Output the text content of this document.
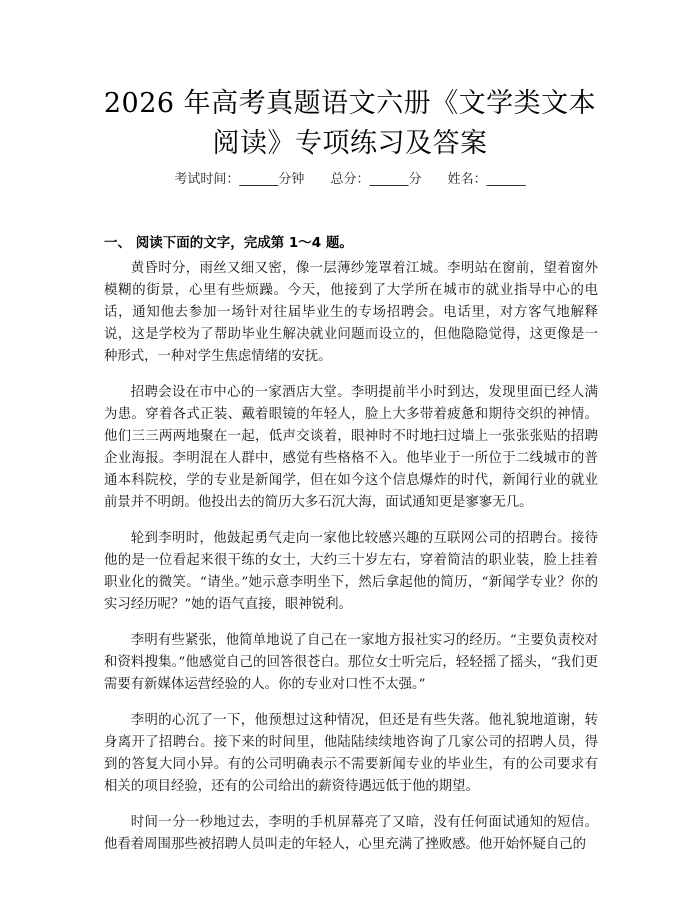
2026 年高考真题语文六册《文学类文本阅读》专项练习及答案
考试时间：______分钟 总分：______分 姓名：______
一、 阅读下面的文字，完成第 1～4 题。

黄昏时分，雨丝又细又密，像一层薄纱笼罩着江城。李明站在窗前，望着窗外模糊的街景，心里有些烦躁。今天，他接到了大学所在城市的就业指导中心的电话，通知他去参加一场针对往届毕业生的专场招聘会。电话里，对方客气地解释说，这是学校为了帮助毕业生解决就业问题而设立的，但他隐隐觉得，这更像是一种形式，一种对学生焦虑情绪的安抚。

招聘会设在市中心的一家酒店大堂。李明提前半小时到达，发现里面已经人满为患。穿着各式正装、戴着眼镜的年轻人，脸上大多带着疲惫和期待交织的神情。他们三三两两地聚在一起，低声交谈着，眼神时不时地扫过墙上一张张张贴的招聘企业海报。李明混在人群中，感觉有些格格不入。他毕业于一所位于二线城市的普通本科院校，学的专业是新闻学，但在如今这个信息爆炸的时代，新闻行业的就业前景并不明朗。他投出去的简历大多石沉大海，面试通知更是寥寥无几。

轮到李明时，他鼓起勇气走向一家他比较感兴趣的互联网公司的招聘台。接待他的是一位看起来很干练的女士，大约三十岁左右，穿着简洁的职业装，脸上挂着职业化的微笑。“请坐。”她示意李明坐下，然后拿起他的简历，“新闻学专业？你的实习经历呢？”她的语气直接，眼神锐利。

李明有些紧张，他简单地说了自己在一家地方报社实习的经历。“主要负责校对和资料搜集。”他感觉自己的回答很苍白。那位女士听完后，轻轻摇了摇头，“我们更需要有新媒体运营经验的人。你的专业对口性不太强。”

李明的心沉了一下，他预想过这种情况，但还是有些失落。他礼貌地道谢，转身离开了招聘台。接下来的时间里，他陆陆续续地咨询了几家公司的招聘人员，得到的答复大同小异。有的公司明确表示不需要新闻专业的毕业生，有的公司要求有相关的项目经验，还有的公司给出的薪资待遇远低于他的期望。

时间一分一秒地过去，李明的手机屏幕亮了又暗，没有任何面试通知的短信。他看着周围那些被招聘人员叫走的年轻人，心里充满了挫败感。他开始怀疑自己的
